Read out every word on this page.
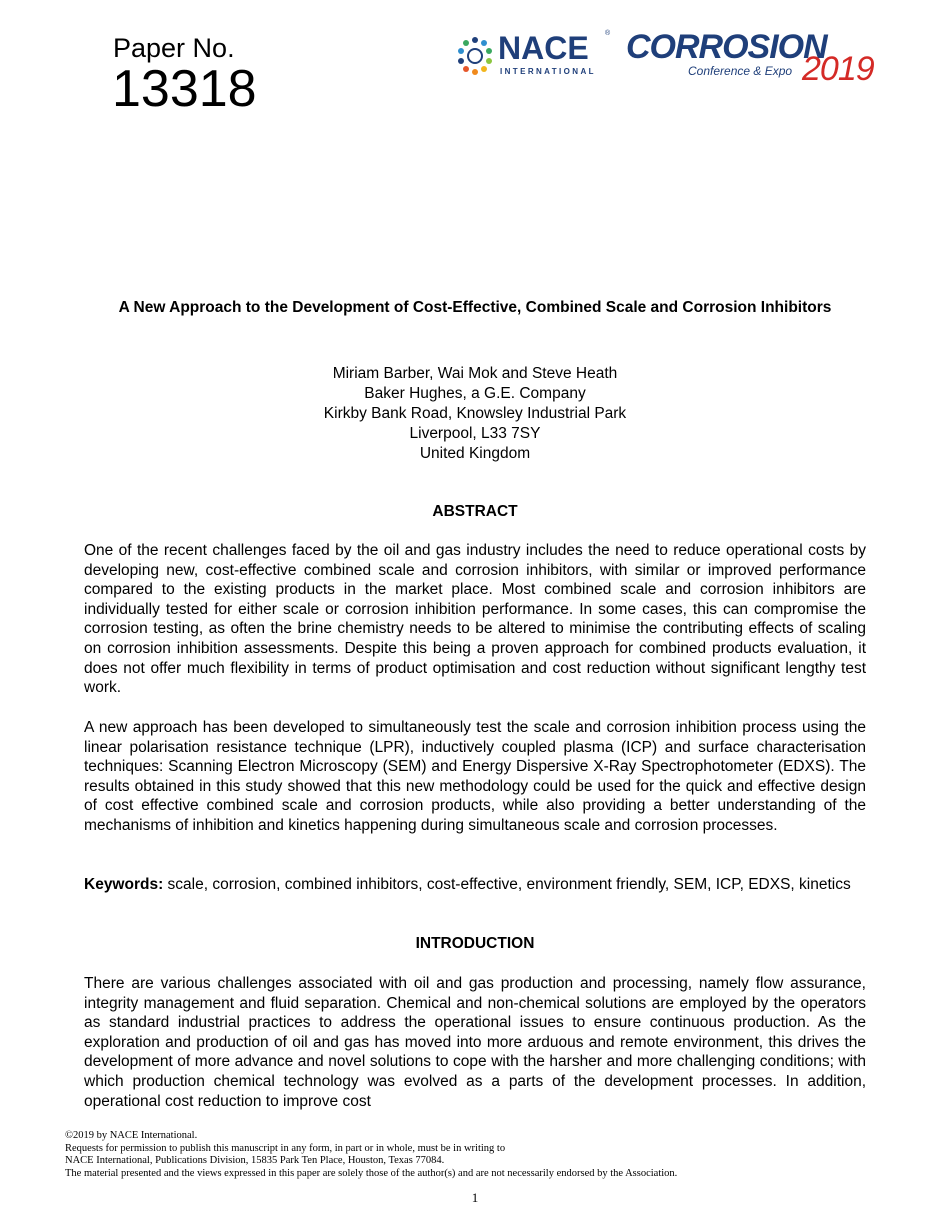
Paper No.
13318
NACE ®
INTERNATIONAL
CORROSION
Conference & Expo 2019
A New Approach to the Development of Cost-Effective, Combined Scale and Corrosion Inhibitors
Miriam Barber, Wai Mok and Steve Heath
Baker Hughes, a G.E. Company
Kirkby Bank Road, Knowsley Industrial Park
Liverpool, L33 7SY
United Kingdom
ABSTRACT

One of the recent challenges faced by the oil and gas industry includes the need to reduce operational costs by developing new, cost-effective combined scale and corrosion inhibitors, with similar or improved performance compared to the existing products in the market place. Most combined scale and corrosion inhibitors are individually tested for either scale or corrosion inhibition performance. In some cases, this can compromise the corrosion testing, as often the brine chemistry needs to be altered to minimise the contributing effects of scaling on corrosion inhibition assessments. Despite this being a proven approach for combined products evaluation, it does not offer much flexibility in terms of product optimisation and cost reduction without significant lengthy test work.

A new approach has been developed to simultaneously test the scale and corrosion inhibition process using the linear polarisation resistance technique (LPR), inductively coupled plasma (ICP) and surface characterisation techniques: Scanning Electron Microscopy (SEM) and Energy Dispersive X-Ray Spectrophotometer (EDXS). The results obtained in this study showed that this new methodology could be used for the quick and effective design of cost effective combined scale and corrosion products, while also providing a better understanding of the mechanisms of inhibition and kinetics happening during simultaneous scale and corrosion processes.

Keywords: scale, corrosion, combined inhibitors, cost-effective, environment friendly, SEM, ICP, EDXS, kinetics

INTRODUCTION

There are various challenges associated with oil and gas production and processing, namely flow assurance, integrity management and fluid separation. Chemical and non-chemical solutions are employed by the operators as standard industrial practices to address the operational issues to ensure continuous production. As the exploration and production of oil and gas has moved into more arduous and remote environment, this drives the development of more advance and novel solutions to cope with the harsher and more challenging conditions; with which production chemical technology was evolved as a parts of the development processes. In addition, operational cost reduction to improve cost

©2019 by NACE International.
Requests for permission to publish this manuscript in any form, in part or in whole, must be in writing to
NACE International, Publications Division, 15835 Park Ten Place, Houston, Texas 77084.
The material presented and the views expressed in this paper are solely those of the author(s) and are not necessarily endorsed by the Association.
1
